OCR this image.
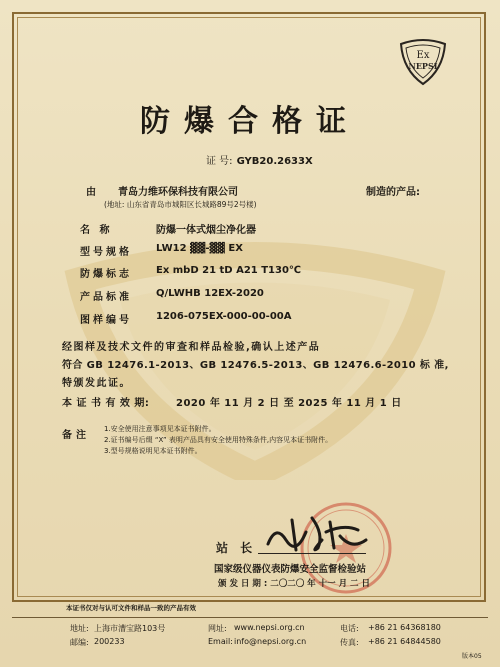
Ex
NEPSI
防爆合格证
证 号: GYB20.2633X
由 青岛力维环保科技有限公司	制造的产品:
(地址: 山东省青岛市城阳区长城路89号2号楼)
名 称	防爆一体式烟尘净化器
型号规格 LW12 ▓▓-▓▓ EX
防爆标志 Ex mbD 21 tD A21 T130℃
产品标准 Q/LWHB 12EX-2020
图样编号 1206-075EX-000-00-00A
经图样及技术文件的审查和样品检验,确认上述产品
符合 GB 12476.1-2013、GB 12476.5-2013、GB 12476.6-2010 标 准,
特颁发此证。
本 证 书 有 效 期:	2020 年 11 月 2 日 至 2025 年 11 月 1 日
备注
1.安全使用注意事项见本证书附件。
2.证书编号后缀 “X” 表明产品具有安全使用特殊条件,内容见本证书附件。
3.型号规格说明见本证书附件。
站 长
国家级仪器仪表防爆安全监督检验站
颁 发 日 期 : 二〇二〇 年 十一 月 二 日
本证书仅对与认可文件和样品一致的产品有效
地址: 上海市漕宝路103号
邮编: 200233
网址: www.nepsi.org.cn
Email: info@nepsi.org.cn
电话: +86 21 64368180
传真: +86 21 64844580
版本05
